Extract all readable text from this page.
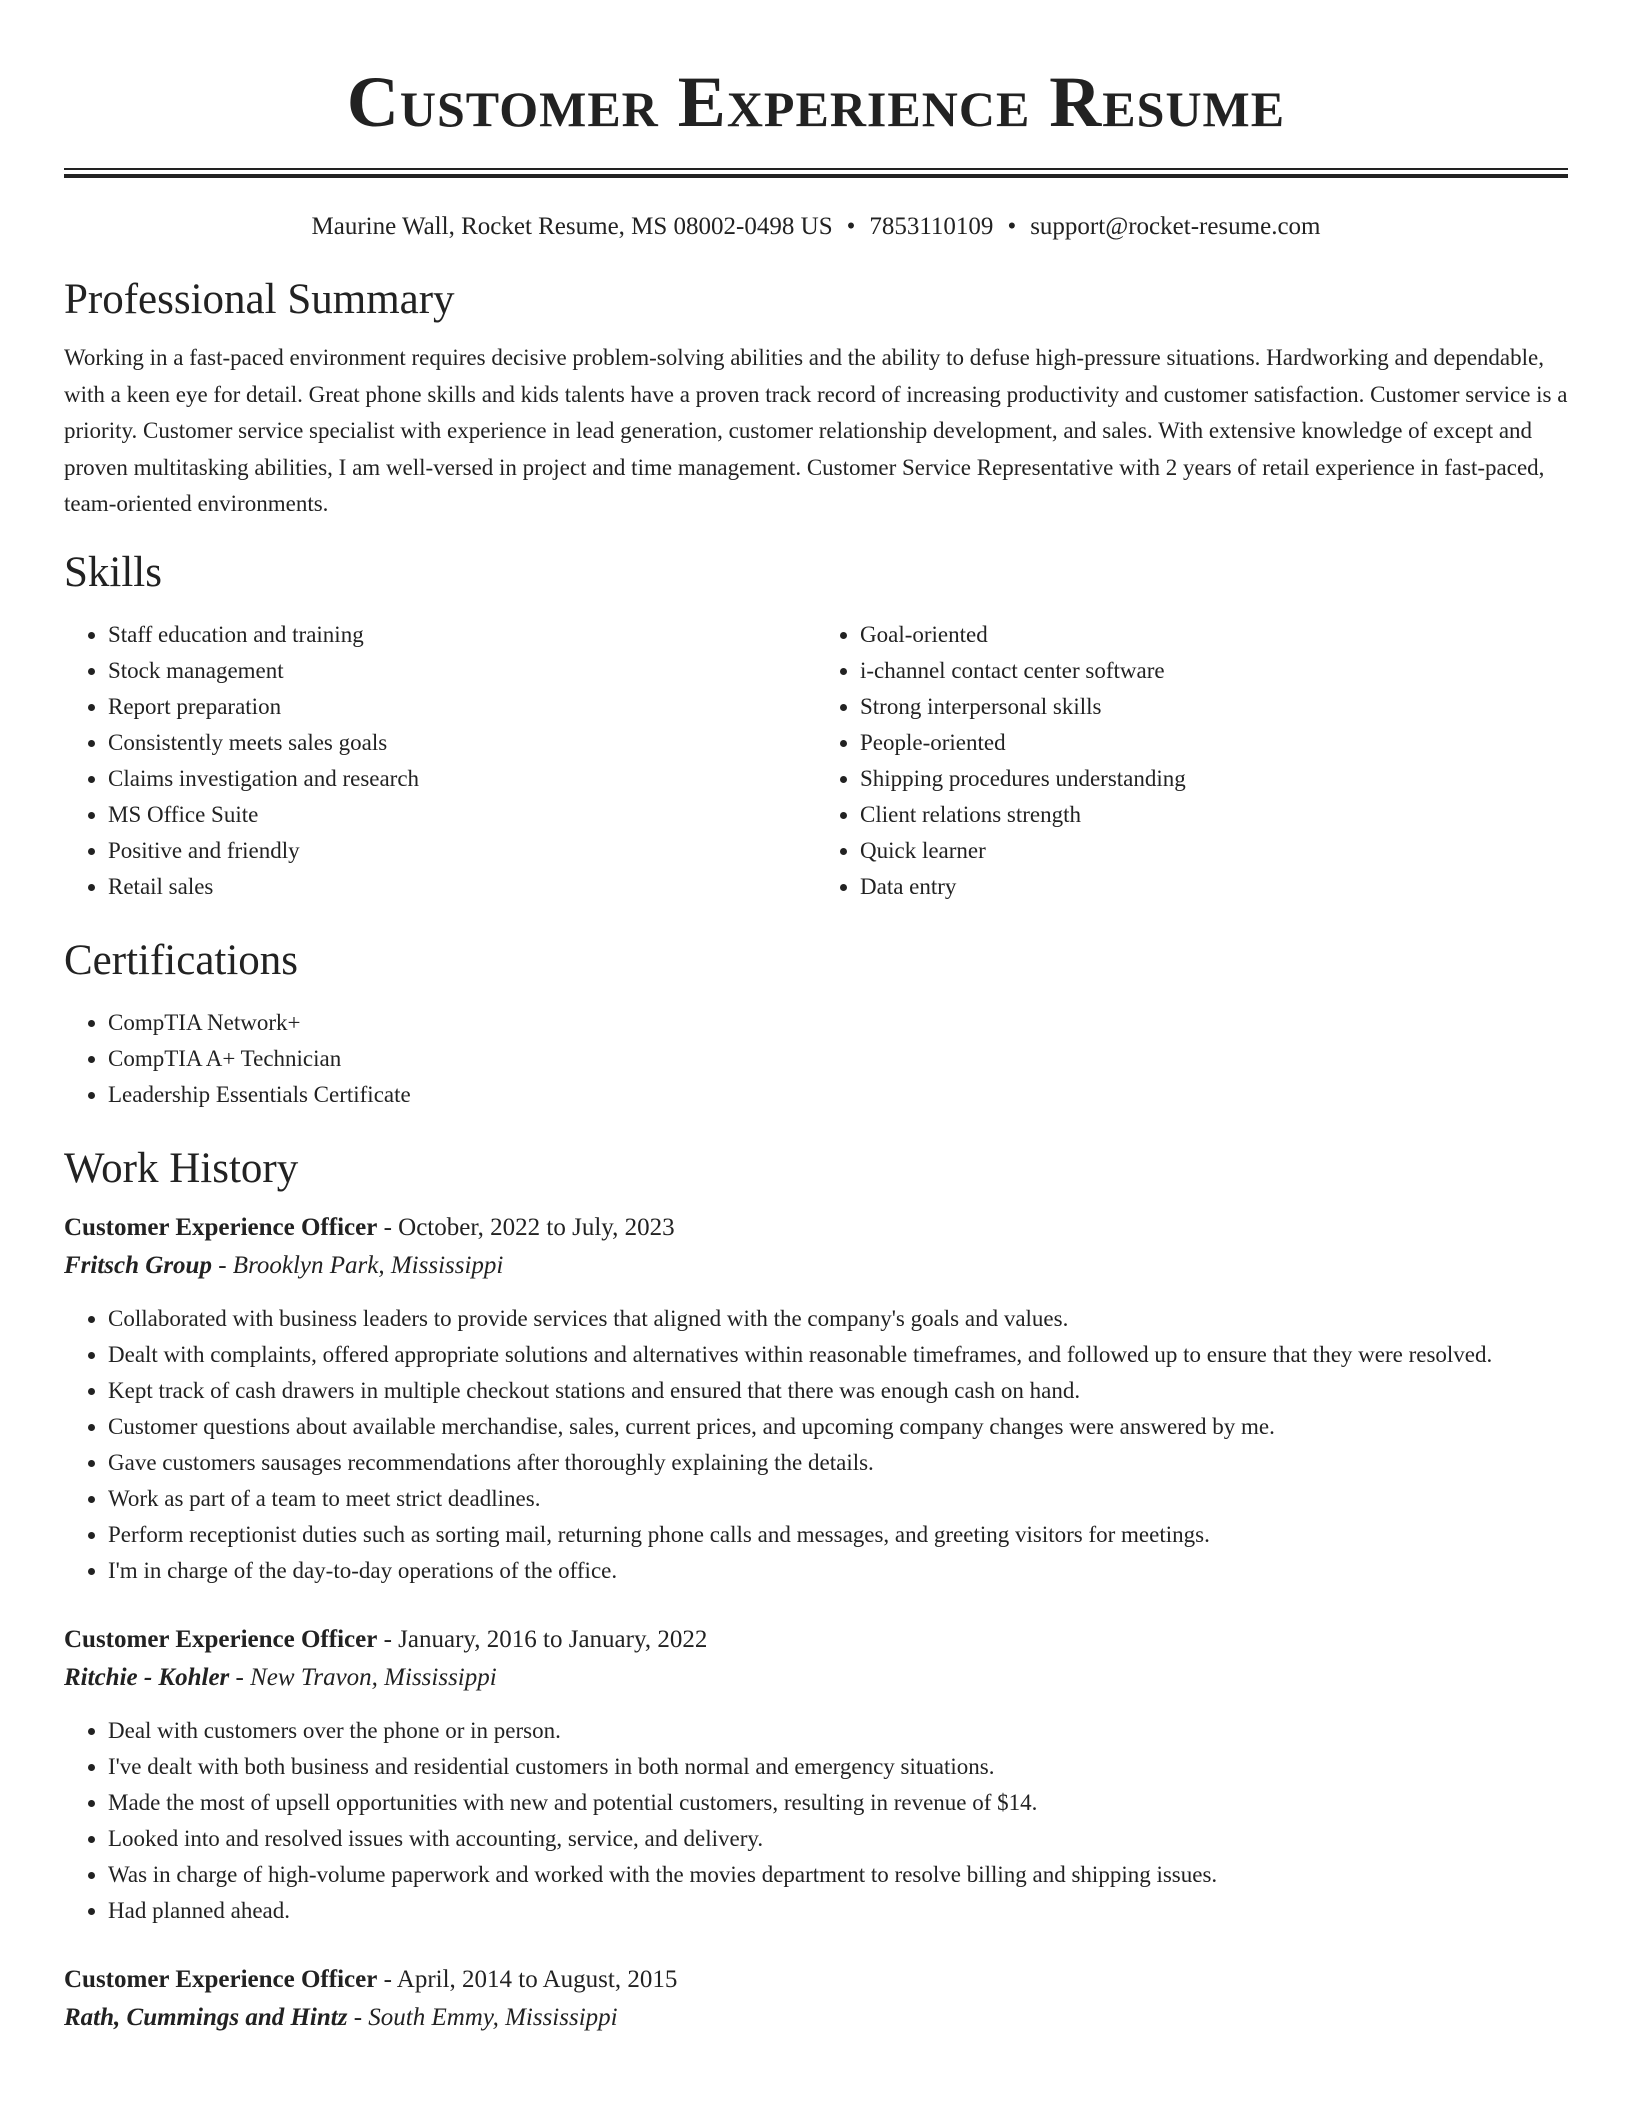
Customer Experience Resume
Maurine Wall, Rocket Resume, MS 08002-0498 US • 7853110109 • support@rocket-resume.com
Professional Summary

Working in a fast-paced environment requires decisive problem-solving abilities and the ability to defuse high-pressure situations. Hardworking and dependable, with a keen eye for detail. Great phone skills and kids talents have a proven track record of increasing productivity and customer satisfaction. Customer service is a priority. Customer service specialist with experience in lead generation, customer relationship development, and sales. With extensive knowledge of except and proven multitasking abilities, I am well-versed in project and time management. Customer Service Representative with 2 years of retail experience in fast-paced, team-oriented environments.

Skills
• Staff education and training
• Stock management
• Report preparation
• Consistently meets sales goals
• Claims investigation and research
• MS Office Suite
• Positive and friendly
• Retail sales
• Goal-oriented
• i-channel contact center software
• Strong interpersonal skills
• People-oriented
• Shipping procedures understanding
• Client relations strength
• Quick learner
• Data entry
Certifications
• CompTIA Network+
• CompTIA A+ Technician
• Leadership Essentials Certificate
Work History
Customer Experience Officer - October, 2022 to July, 2023
Fritsch Group - Brooklyn Park, Mississippi
• Collaborated with business leaders to provide services that aligned with the company's goals and values.
• Dealt with complaints, offered appropriate solutions and alternatives within reasonable timeframes, and followed up to ensure that they were resolved.
• Kept track of cash drawers in multiple checkout stations and ensured that there was enough cash on hand.
• Customer questions about available merchandise, sales, current prices, and upcoming company changes were answered by me.
• Gave customers sausages recommendations after thoroughly explaining the details.
• Work as part of a team to meet strict deadlines.
• Perform receptionist duties such as sorting mail, returning phone calls and messages, and greeting visitors for meetings.
• I'm in charge of the day-to-day operations of the office.
Customer Experience Officer - January, 2016 to January, 2022
Ritchie - Kohler - New Travon, Mississippi
• Deal with customers over the phone or in person.
• I've dealt with both business and residential customers in both normal and emergency situations.
• Made the most of upsell opportunities with new and potential customers, resulting in revenue of $14.
• Looked into and resolved issues with accounting, service, and delivery.
• Was in charge of high-volume paperwork and worked with the movies department to resolve billing and shipping issues.
• Had planned ahead.
Customer Experience Officer - April, 2014 to August, 2015
Rath, Cummings and Hintz - South Emmy, Mississippi
